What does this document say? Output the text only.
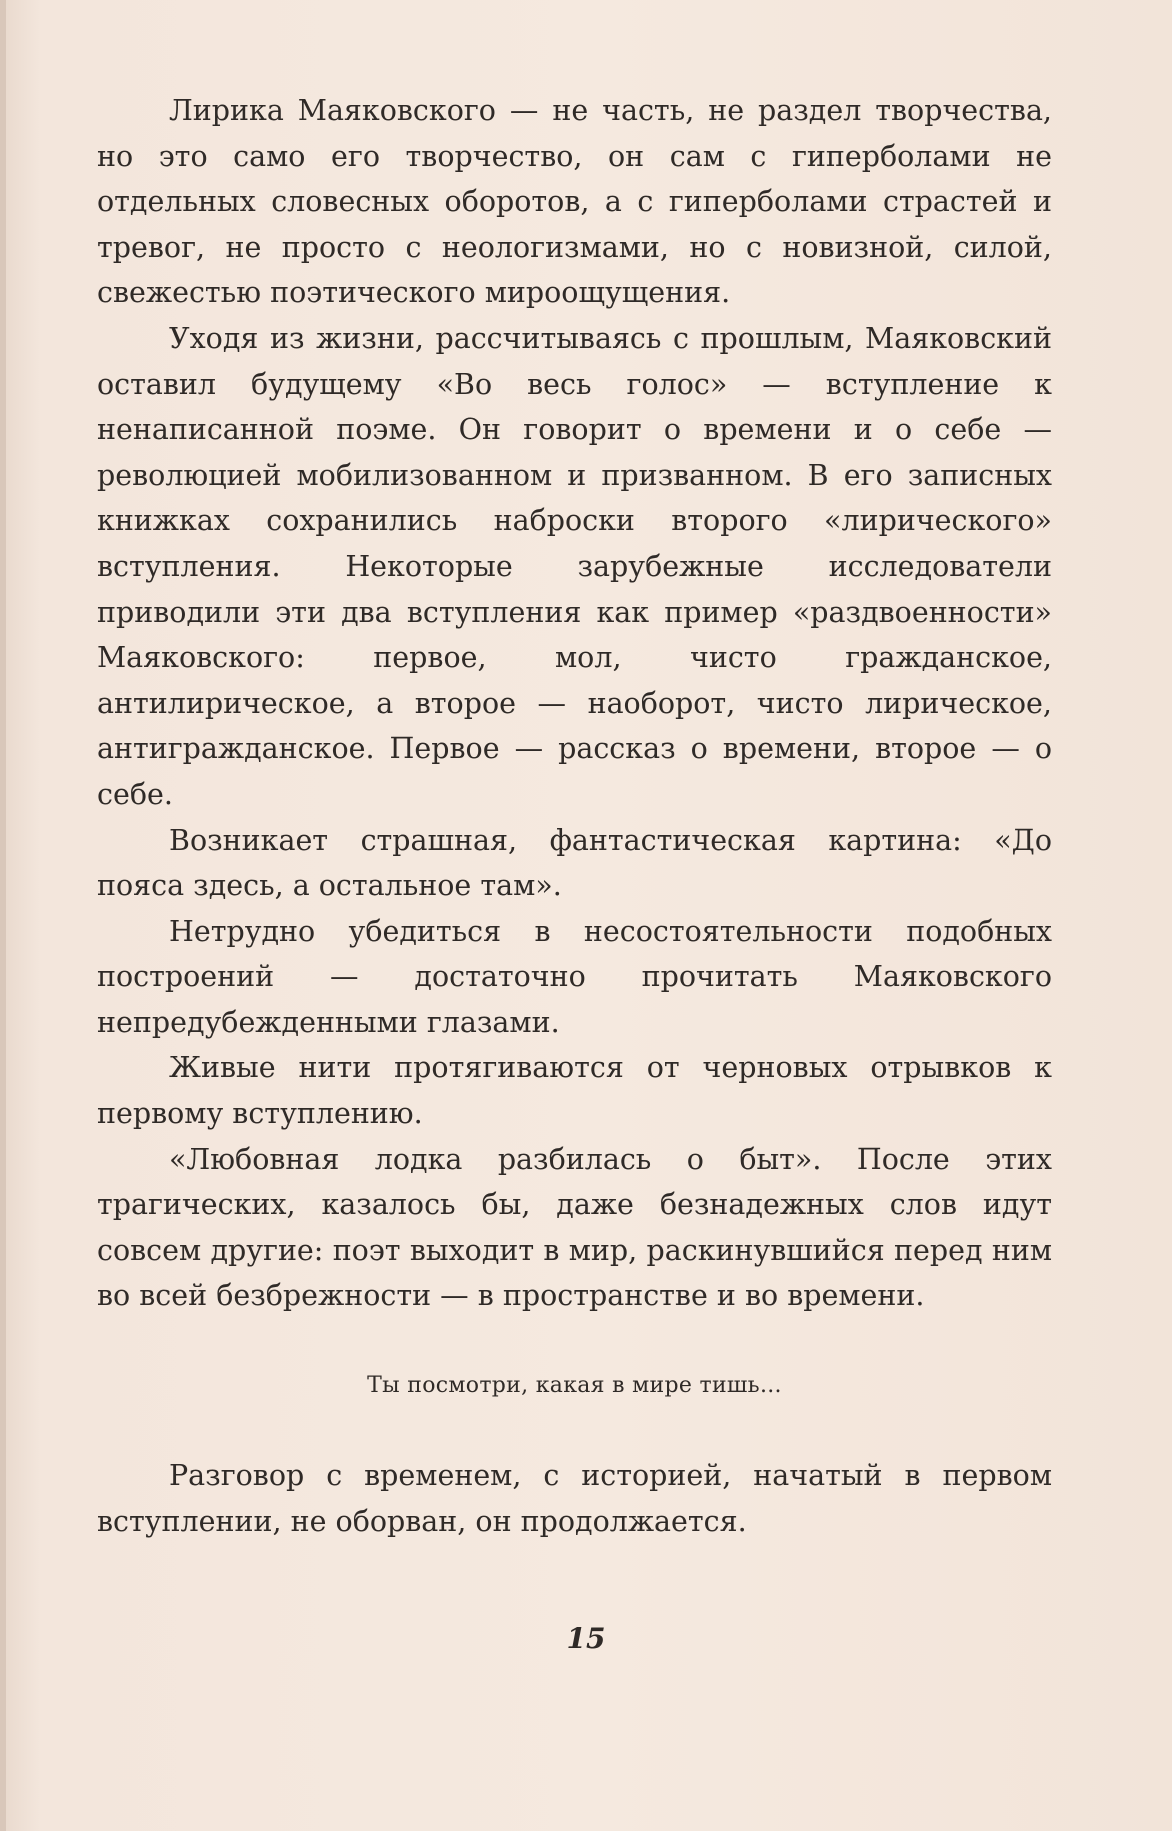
Лирика Маяковского — не часть, не раздел творчества, но это само его творчество, он сам с гиперболами не отдельных словесных оборотов, а с гиперболами страстей и тревог, не просто с неологизмами, но с новизной, силой, свежестью поэтического мироощущения.

Уходя из жизни, рассчитываясь с прошлым, Маяковский оставил будущему «Во весь голос» — вступление к ненаписанной поэме. Он говорит о времени и о себе — революцией мобилизованном и призванном. В его записных книжках сохранились наброски второго «лирического» вступления. Некоторые зарубежные исследователи приводили эти два вступления как пример «раздвоенности» Маяковского: первое, мол, чисто гражданское, антилирическое, а второе — наоборот, чисто лирическое, антигражданское. Первое — рассказ о времени, второе — о себе.

Возникает страшная, фантастическая картина: «До пояса здесь, а остальное там».

Нетрудно убедиться в несостоятельности подобных построений — достаточно прочитать Маяковского непредубежденными глазами.

Живые нити протягиваются от черновых отрывков к первому вступлению.

«Любовная лодка разбилась о быт». После этих трагических, казалось бы, даже безнадежных слов идут совсем другие: поэт выходит в мир, раскинувшийся перед ним во всей безбрежности — в пространстве и во времени.

Ты посмотри, какая в мире тишь...

Разговор с временем, с историей, начатый в первом вступлении, не оборван, он продолжается.

15
